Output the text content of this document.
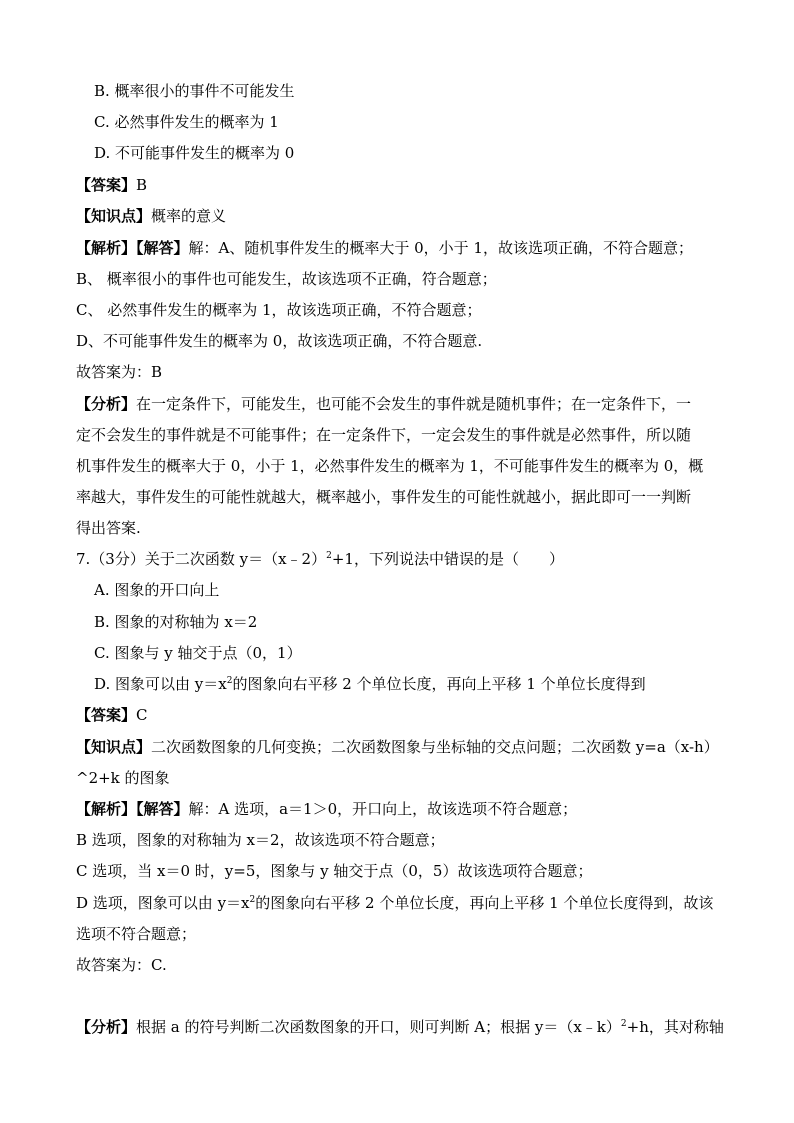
B. 概率很小的事件不可能发生
C. 必然事件发生的概率为 1
D. 不可能事件发生的概率为 0
【答案】B
【知识点】概率的意义
【解析】【解答】解：A、随机事件发生的概率大于 0，小于 1，故该选项正确，不符合题意；
B、 概率很小的事件也可能发生，故该选项不正确，符合题意；
C、 必然事件发生的概率为 1，故该选项正确，不符合题意；
D、不可能事件发生的概率为 0，故该选项正确，不符合题意.
故答案为：B
【分析】在一定条件下，可能发生，也可能不会发生的事件就是随机事件；在一定条件下，一
定不会发生的事件就是不可能事件；在一定条件下，一定会发生的事件就是必然事件，所以随
机事件发生的概率大于 0，小于 1，必然事件发生的概率为 1，不可能事件发生的概率为 0，概
率越大，事件发生的可能性就越大，概率越小，事件发生的可能性就越小，据此即可一一判断
得出答案.
7.（3分）关于二次函数 y＝（x﹣2）$^2$+1，下列说法中错误的是（　　）
A. 图象的开口向上
B. 图象的对称轴为 x＝2
C. 图象与 y 轴交于点（0，1）
D. 图象可以由 $y=x^2$的图象向右平移 2 个单位长度，再向上平移 1 个单位长度得到
【答案】C
【知识点】二次函数图象的几何变换；二次函数图象与坐标轴的交点问题；二次函数 y=a（x-h）
^2+k 的图象
【解析】【解答】解：A 选项，a＝1＞0，开口向上，故该选项不符合题意；
B 选项，图象的对称轴为 x＝2，故该选项不符合题意；
C 选项，当 x＝0 时，y=5，图象与 y 轴交于点（0，5）故该选项符合题意；
D 选项，图象可以由 $y=x^2$的图象向右平移 2 个单位长度，再向上平移 1 个单位长度得到，故该
选项不符合题意；
故答案为：C.
【分析】根据 a 的符号判断二次函数图象的开口，则可判断 A；根据 y＝（x﹣k）$^2$+h，其对称轴
